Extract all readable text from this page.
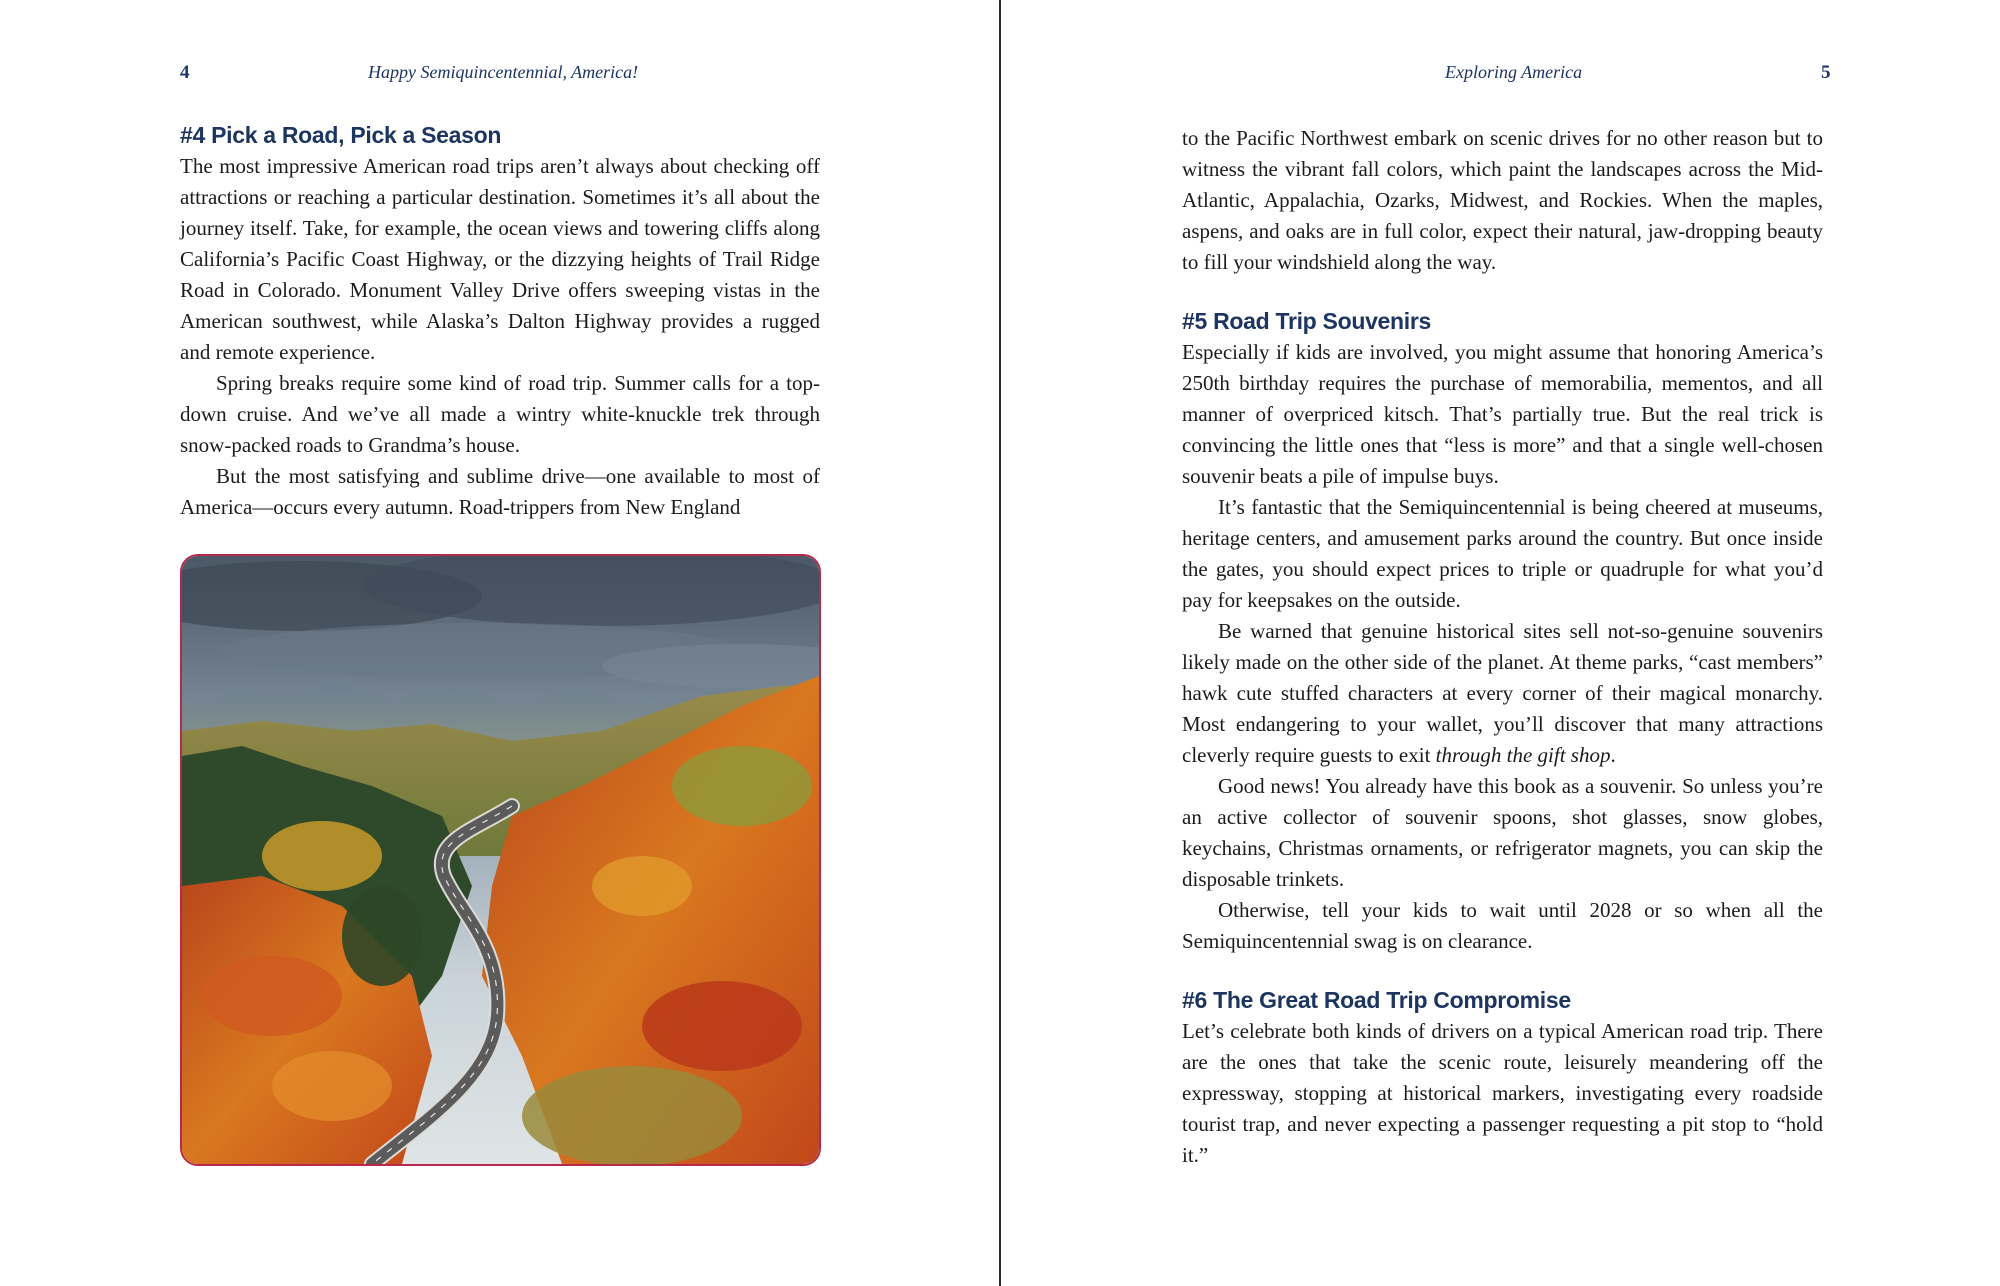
4	Happy Semiquincentennial, America!
#4 Pick a Road, Pick a Season

The most impressive American road trips aren’t always about checking off attractions or reaching a particular destination. Sometimes it’s all about the journey itself. Take, for example, the ocean views and towering cliffs along California’s Pacific Coast Highway, or the dizzying heights of Trail Ridge Road in Colorado. Monument Valley Drive offers sweeping vistas in the American southwest, while Alaska’s Dalton Highway provides a rugged and remote experience.

Spring breaks require some kind of road trip. Summer calls for a top-down cruise. And we’ve all made a wintry white-knuckle trek through snow-packed roads to Grandma’s house.

But the most satisfying and sublime drive—one available to most of America—occurs every autumn. Road-trippers from New England

Exploring America	5

to the Pacific Northwest embark on scenic drives for no other reason but to witness the vibrant fall colors, which paint the landscapes across the Mid-Atlantic, Appalachia, Ozarks, Midwest, and Rockies. When the maples, aspens, and oaks are in full color, expect their natural, jaw-dropping beauty to fill your windshield along the way.

#5 Road Trip Souvenirs

Especially if kids are involved, you might assume that honoring America’s 250th birthday requires the purchase of memorabilia, mementos, and all manner of overpriced kitsch. That’s partially true. But the real trick is convincing the little ones that “less is more” and that a single well-chosen souvenir beats a pile of impulse buys.

It’s fantastic that the Semiquincentennial is being cheered at museums, heritage centers, and amusement parks around the country. But once inside the gates, you should expect prices to triple or quadruple for what you’d pay for keepsakes on the outside.

Be warned that genuine historical sites sell not-so-genuine souvenirs likely made on the other side of the planet. At theme parks, “cast members” hawk cute stuffed characters at every corner of their magical monarchy. Most endangering to your wallet, you’ll discover that many attractions cleverly require guests to exit through the gift shop.

Good news! You already have this book as a souvenir. So unless you’re an active collector of souvenir spoons, shot glasses, snow globes, keychains, Christmas ornaments, or refrigerator magnets, you can skip the disposable trinkets.

Otherwise, tell your kids to wait until 2028 or so when all the Semiquincentennial swag is on clearance.

#6 The Great Road Trip Compromise

Let’s celebrate both kinds of drivers on a typical American road trip. There are the ones that take the scenic route, leisurely meandering off the expressway, stopping at historical markers, investigating every roadside tourist trap, and never expecting a passenger requesting a pit stop to “hold it.”
